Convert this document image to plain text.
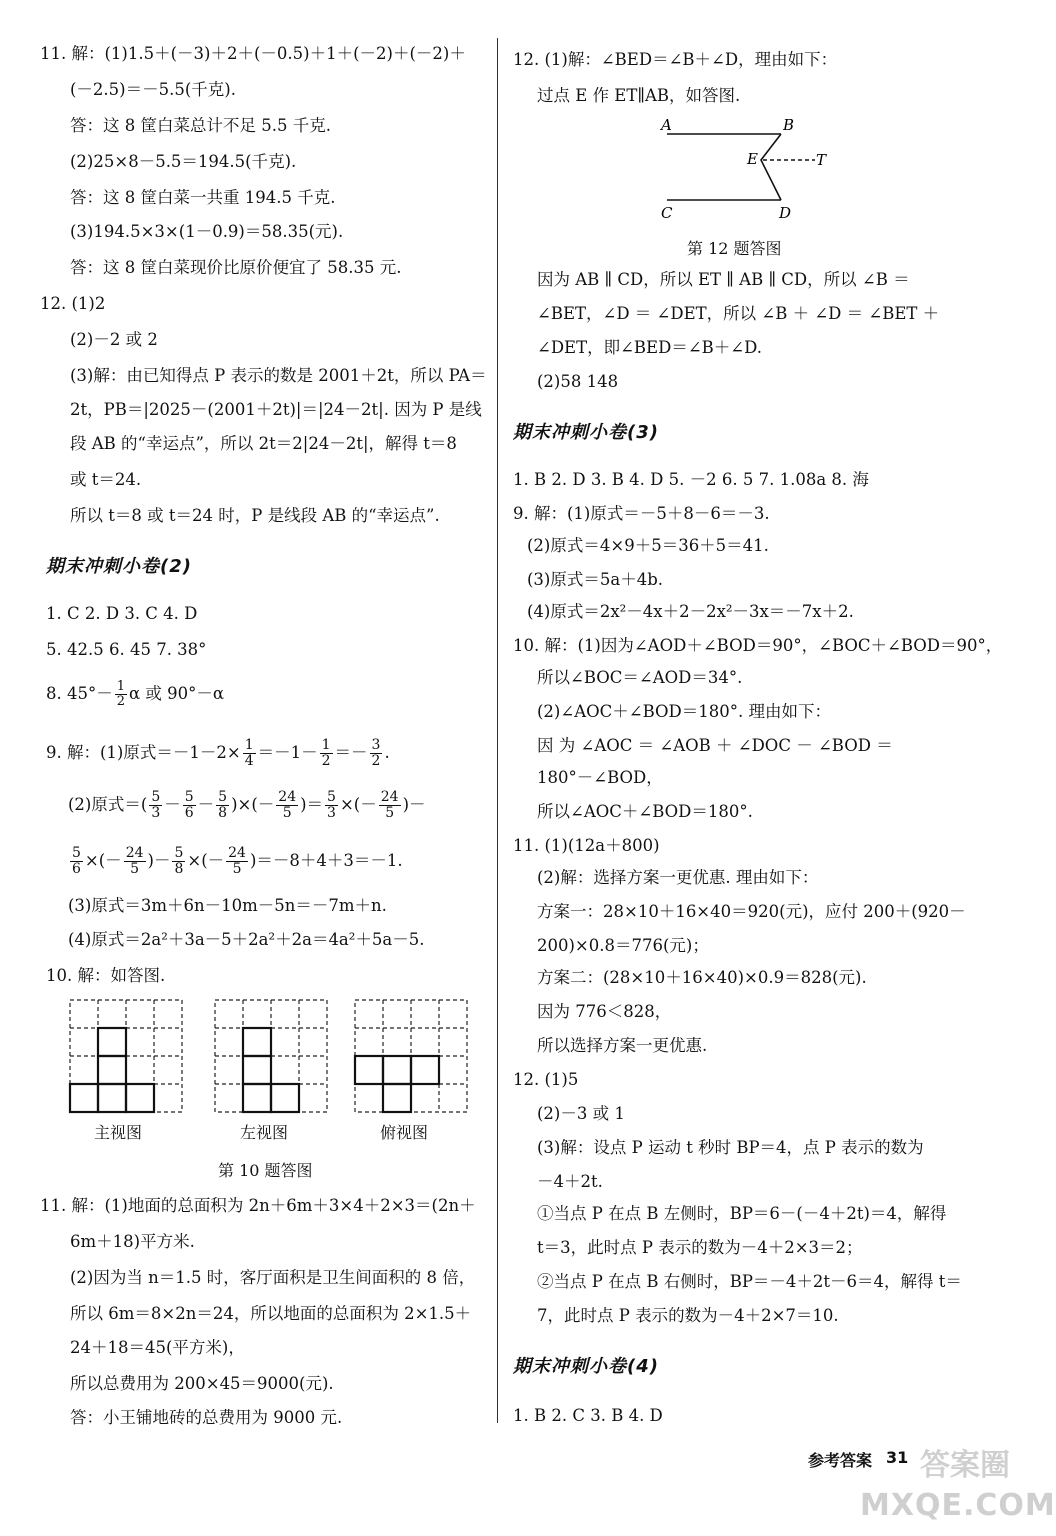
11. 解：(1)1.5＋(－3)＋2＋(－0.5)＋1＋(－2)＋(－2)＋
(－2.5)＝－5.5(千克).
答：这 8 筐白菜总计不足 5.5 千克.
(2)25×8－5.5＝194.5(千克).
答：这 8 筐白菜一共重 194.5 千克.
(3)194.5×3×(1－0.9)＝58.35(元).
答：这 8 筐白菜现价比原价便宜了 58.35 元.
12. (1)2
(2)－2 或 2
(3)解：由已知得点 P 表示的数是 2001＋2t，所以 PA＝
2t，PB＝|2025－(2001＋2t)|＝|24－2t|. 因为 P 是线
段 AB 的“幸运点”，所以 2t＝2|24－2t|，解得 t＝8
或 t＝24.
所以 t＝8 或 t＝24 时，P 是线段 AB 的“幸运点”.
期末冲刺小卷(2)
1. C 2. D 3. C 4. D
5. 42.5 6. 45 7. 38°
8. $45^\circ- \frac{1}{2}$ α 或 90°－α
9. 解：(1)原式$=-1-2\times \frac{1}{4} =-1- \frac{1}{2} =- \frac{3}{2}$ .
(2)原式＝( $\frac{5}{3} - \frac{5}{6} - \frac{5}{8}$ )×(－ $\frac{24}{5}$ )＝ $\frac{5}{3}$ ×(－ $\frac{24}{5}$ )－
$\frac{5}{6}$ ×(－ $\frac{24}{5}$ )－ $\frac{5}{8}$ ×(－ $\frac{24}{5} )=-8+4+3=-1$.
(3)原式＝3m＋6n－10m－5n＝－7m＋n.
(4)原式＝2a²＋3a－5＋2a²＋2a＝4a²＋5a－5.
10. 解：如答图.
主视图	左视图	俯视图
第 10 题答图
11. 解：(1)地面的总面积为 2n＋6m＋3×4＋2×3＝(2n＋
6m＋18)平方米.
(2)因为当 n＝1.5 时，客厅面积是卫生间面积的 8 倍，
所以 6m＝8×2n＝24，所以地面的总面积为 2×1.5＋
24＋18＝45(平方米)，
所以总费用为 200×45＝9000(元).
答：小王铺地砖的总费用为 9000 元.
12. (1)解：∠BED＝∠B＋∠D，理由如下：
过点 E 作 ET∥AB，如答图.
A	B
E	T
C	D
第 12 题答图
因为 AB ∥ CD，所以 ET ∥ AB ∥ CD，所以 ∠B ＝
∠BET，∠D ＝ ∠DET，所以 ∠B ＋ ∠D ＝ ∠BET ＋
∠DET，即∠BED＝∠B＋∠D.
(2)58 148
期末冲刺小卷(3)
1. B 2. D 3. B 4. D 5. －2 6. 5 7. 1.08a 8. 海
9. 解：(1)原式＝－5＋8－6＝－3.
(2)原式＝4×9＋5＝36＋5＝41.
(3)原式＝5a＋4b.
(4)原式＝2x²－4x＋2－2x²－3x＝－7x＋2.
10. 解：(1)因为∠AOD＋∠BOD＝90°，∠BOC＋∠BOD＝90°，
所以∠BOC＝∠AOD＝34°.
(2)∠AOC＋∠BOD＝180°. 理由如下：
因 为 ∠AOC ＝ ∠AOB ＋ ∠DOC － ∠BOD ＝
180°－∠BOD，
所以∠AOC＋∠BOD＝180°.
11. (1)(12a＋800)
(2)解：选择方案一更优惠. 理由如下：
方案一：28×10＋16×40＝920(元)，应付 200＋(920－
200)×0.8＝776(元)；
方案二：(28×10＋16×40)×0.9＝828(元).
因为 776＜828，
所以选择方案一更优惠.
12. (1)5
(2)－3 或 1
(3)解：设点 P 运动 t 秒时 BP＝4，点 P 表示的数为
－4＋2t.
①当点 P 在点 B 左侧时，BP＝6－(－4＋2t)＝4，解得
t＝3，此时点 P 表示的数为－4＋2×3＝2；
②当点 P 在点 B 右侧时，BP＝－4＋2t－6＝4，解得 t＝
7，此时点 P 表示的数为－4＋2×7＝10.
期末冲刺小卷(4)
1. B 2. C 3. B 4. D
参考答案 31 答案圈
MXQE.COM
